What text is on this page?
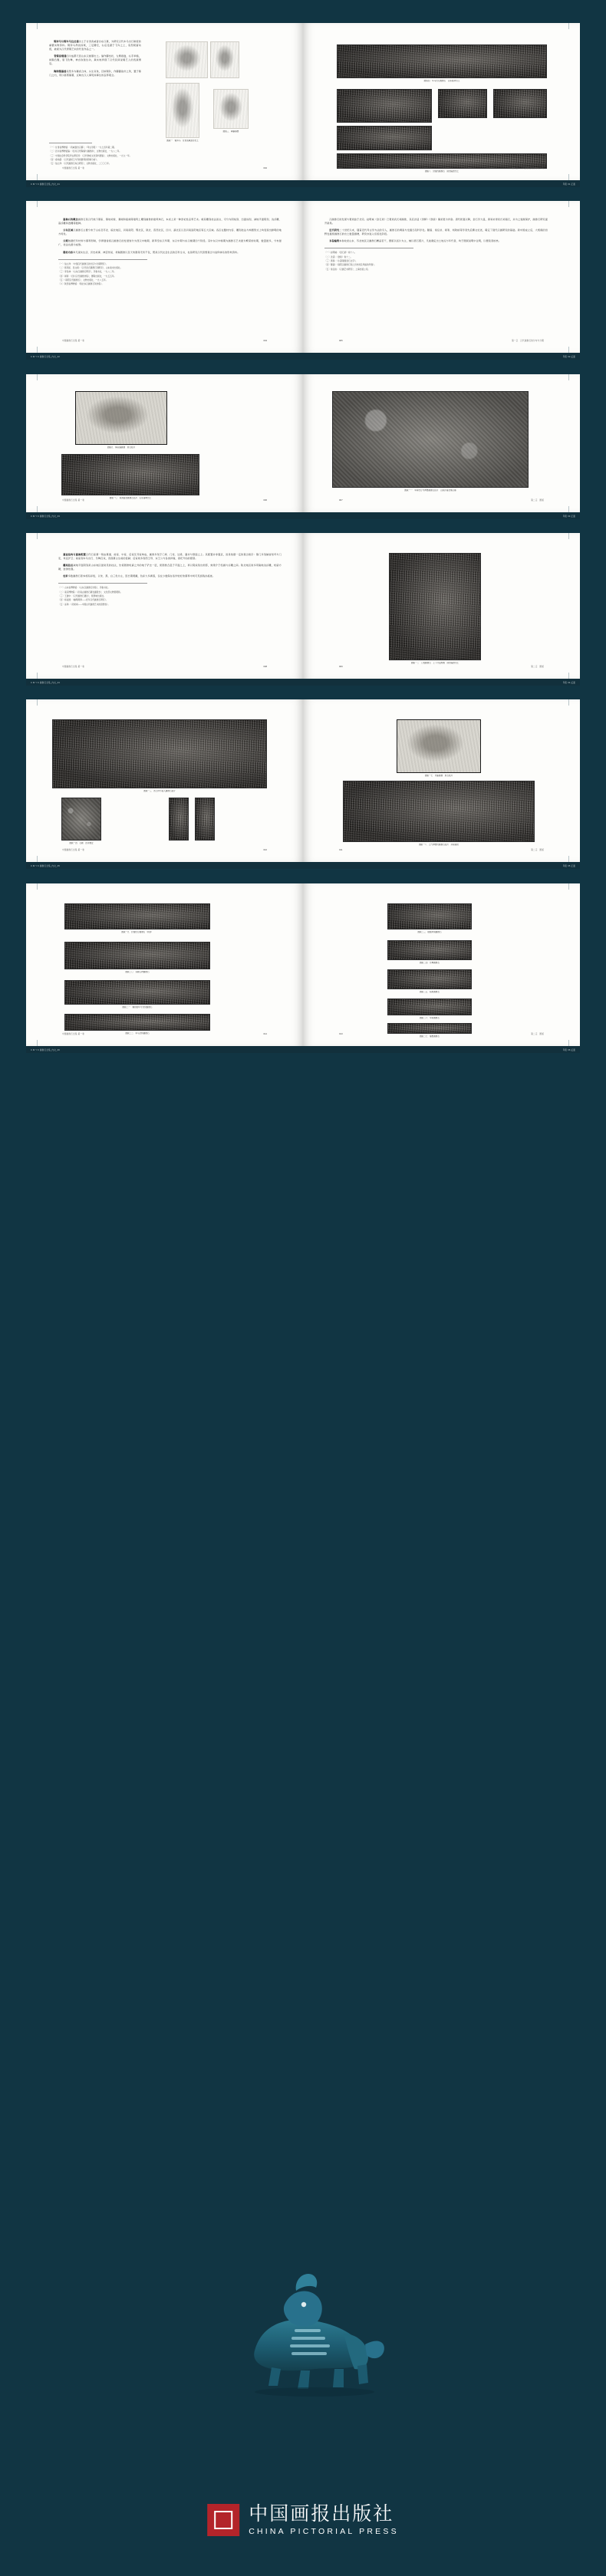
铜奔马与铜车马仪仗俑出土于甘肃武威雷台东汉墓，为研究汉代车马出行制度的重要实物资料。铜奔马昂首扬尾，三足腾空，右后足踏于飞鸟之上，造型极富动感，被视为汉代青铜艺术的代表作品之一。

青铜说唱俑四川成都天回山东汉崖墓出土。俑作蹲坐状，左臂抱鼓，右手举槌，袒胸凸腹，眉飞色舞，神态诙谐生动，真实地再现了汉代民间说唱艺人的表演情景。

陶制镇墓兽造型多为狮虎合体，头生双角，目如铜铃，作蹲踞欲扑之势，置于墓门之内，用以驱邪镇墓，反映出汉人事死如事生的丧葬观念。

〔一〕甘肃省博物馆：《武威雷台汉墓》，《考古学报》一九七四年第二期。

〔二〕四川省博物馆编：《四川汉代陶俑与画像砖》，文物出版社，一九八二年。

〔三〕中国社会科学院考古研究所：《汉代物质文化资料图说》，文物出版社，一九九一年。

〔四〕俞伟超：《汉代诸侯王与列侯墓葬的形制分析》。

〔五〕信立祥：《汉代画像石综合研究》，文物出版社，二〇〇〇年。

图版一　铜奔马　甘肃武威雷台出土
图版三　陶镇墓兽
中国画像石全集·第一卷	002
图版四　车马出行画像石　山东嘉祥出土
图版八　狩猎纹画像石　陕西绥德出土
第一章　汉代画像石的分布与分期
003
C M Y K 画像石全集_内文_01	印张 01 正面

画像石的概念画像石是汉代地下墓室、墓地祠堂、墓阙和庙阙等建筑上雕刻画像的建筑构石，本质上是一种祭祀性丧葬艺术。就其雕刻技法而言，可分为阴线刻、凹面线刻、减地平面阴刻、浅浮雕、高浮雕和透雕等数种。

分布区域汉画像石主要分布于山东及苏北、皖北地区，河南南阳、鄂北区，陕北、晋西北区，四川、滇北区以及河南洛阳地区等五大区域。各区在题材内容、雕刻技法与构图形式上均表现出鲜明的地方特色。

分期依据纪年材料与墓葬形制，学界通常将汉画像石的发展划分为西汉中晚期、新莽至东汉早期、东汉中期与东汉晚期四个阶段。其中东汉中晚期为画像石艺术最为繁荣的时期，数量最多，分布最广，技法也最为成熟。

题材内容举凡现实生活、历史故事、神话传说、祥瑞图像以及天象图等无所不包，既是汉代社会生活的百科全书，也是研究汉代思想观念与信仰体系的形象资料。

〔一〕信立祥：《中国汉代画像石的分区与分期研究》。

〔二〕蒋英炬、吴文祺：《汉代武氏墓群石刻研究》，山东美术出版社。

〔三〕李发林：《山东汉画像石研究》，齐鲁书社，一九八二年。

〔四〕闻宥：《四川汉代画像选集》，群联出版社，一九五五年。

〔五〕《南阳汉代画像石》，文物出版社，一九八五年。

〔六〕陕西省博物馆：《陕北东汉画像石刻选集》。

中国画像石全集·第一卷	004

汉画像石的发现与著录始于北宋。赵明诚《金石录》已著录武氏祠画像，其后洪适《隶释》《隶续》摹录更为详备。清代乾嘉以降，金石学大盛，黄易访得武氏祠诸石，并为之建屋保护，画像石研究遂开新局。

近代研究二十世纪以来，随着近代考古学方法的引入，画像石的调查与发掘日趋科学化。滕固、常任侠、闻宥、刘敦桢等学者先后撰文论述，奠定了现代汉画研究的基础。新中国成立后，大规模的田野发掘使画像石的出土数量剧增，研究亦进入系统化阶段。

本卷编例本卷收录山东、苏北地区汉画像石精品若干，图版以拓片为主，辅以原石照片，凡能确定出土地点与年代者，均于图版说明中注明，以便读者检核。

〔一〕赵明诚：《金石录》卷十八。

〔二〕洪适：《隶续》卷十二。

〔三〕黄易：《小蓬莱阁金石文字》。

〔四〕滕固：《南阳汉画像石刻之历史的及风格的考察》。

〔五〕常任侠：《汉画艺术研究》，上海出版公司。

第一章　汉代画像石的分布与分期
005
C M Y K 画像石全集_内文_02	印张 02 反面
图版九　梅花鹿画像　原石照片
图版一〇　庖厨宴饮画像石拓片　山东诸城出土
中国画像石全集·第一卷	006
图版一一　车骑出行与神兽画像石拓片　山东沂南北寨汉墓
第二章　图版
007
C M Y K 画像石全集_内文_03	印张 03 正面

墓室结构与画像配置汉代石室墓一般由墓道、前室、中室、后室及耳室构成，画像多刻于门扉、门柱、过梁、藻井与壁面之上。其配置并非随意，而是依据一定的观念秩序：墓门多刻铺首衔环与门吏，象征护卫；前室刻车马出行、乐舞百戏，表现墓主生前的显赫；后室则多刻西王母、东王公与各类祥瑞，寄托升仙的愿望。

雕刻技法减地平面阴刻是山东地区最常见的技法，先将图像轮廓之外的地子铲去一层，使图像凸起于平面之上，再以阴线刻出细部，效果介于绘画与浮雕之间。陕北地区则多用剔地浅浮雕，轮廓方硬，装饰性强。

色彩多数画像石原本施有彩绘，以朱、黑、白三色为主，因长期埋藏，色彩大多剥落，仅在少数保存条件较好的墓葬中尚可见到残存痕迹。

〔一〕山东省博物馆：《山东汉画像石选集》，齐鲁书社。

〔二〕南京博物院：《沂南古画像石墓发掘报告》，文化部文物管理局。

〔三〕王建中：《汉代画像石通论》，紫禁城出版社。

〔四〕杨爱国：《幽明两界——纪年汉代画像石研究》。

〔五〕巫鸿：《武梁祠——中国古代画像艺术的思想性》。

中国画像石全集·第一卷	008
图版一二　门柱画像石　上下分层构图　陕西绥德出土
第二章　图版
009
C M Y K 画像石全集_内文_04	印张 04 反面
图版一三　西王母与羽人画像石拓片
图版一四　石阙　四川雅安
中国画像石全集·第一卷	010
图版一七　朱雀画像　原石照片
图版一八　云气神兽纹画像石拓片　河南南阳
第二章　图版
011
C M Y K 画像石全集_内文_05	印张 05 正面
图版一九　狩猎出行画像石（局部）
图版二〇　双阙人物画像石
图版二一　铺首衔环与龙纹画像石
图版二二　车马过桥画像石
中国画像石全集·第一卷	012
图版二三　楼阁拜谒画像石
图版二四　乐舞画像石
图版二五　庖厨画像石
图版二六　车骑画像石
图版二七　瑞兽画像石
第二章　图版
013
C M Y K 画像石全集_内文_06	印张 06 反面
中国画报出版社
CHINA PICTORIAL PRESS
